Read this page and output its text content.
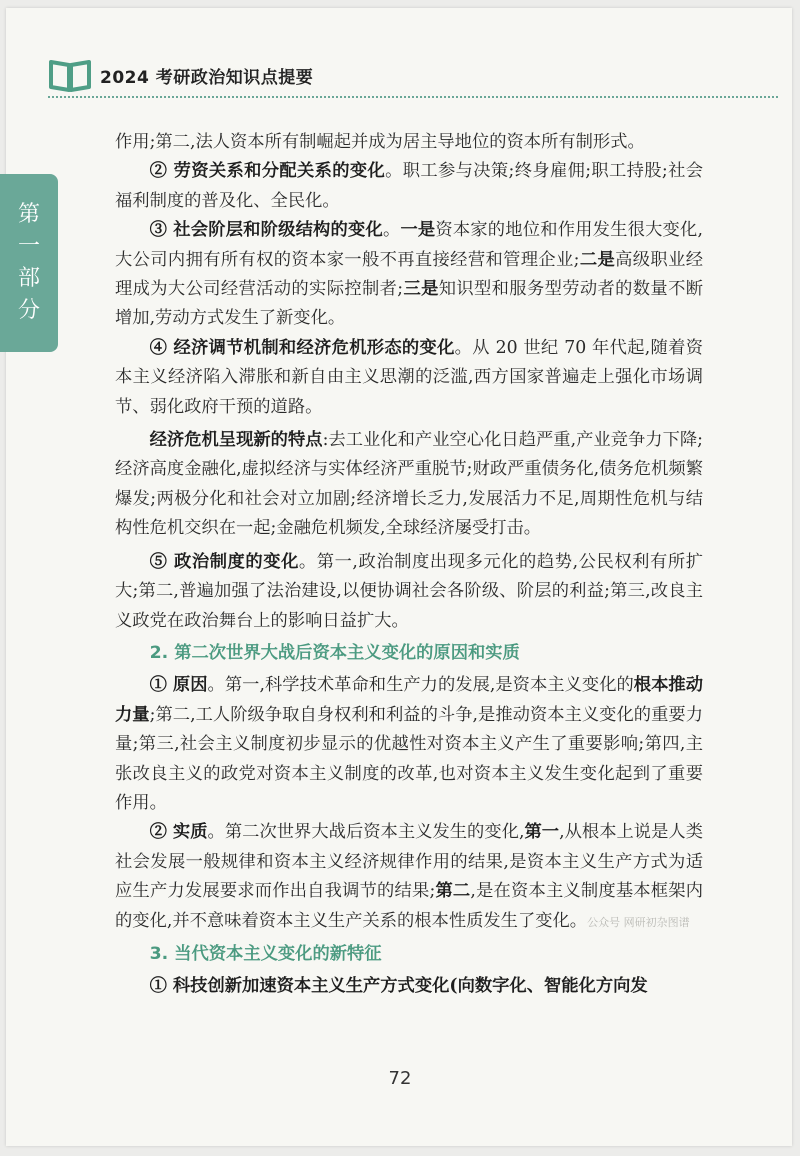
2024 考研政治知识点提要
第
一
部
分

作用;第二,法人资本所有制崛起并成为居主导地位的资本所有制形式。

② 劳资关系和分配关系的变化。职工参与决策;终身雇佣;职工持股;社会福利制度的普及化、全民化。

③ 社会阶层和阶级结构的变化。一是资本家的地位和作用发生很大变化,大公司内拥有所有权的资本家一般不再直接经营和管理企业;二是高级职业经理成为大公司经营活动的实际控制者;三是知识型和服务型劳动者的数量不断增加,劳动方式发生了新变化。

④ 经济调节机制和经济危机形态的变化。从 20 世纪 70 年代起,随着资本主义经济陷入滞胀和新自由主义思潮的泛滥,西方国家普遍走上强化市场调节、弱化政府干预的道路。

经济危机呈现新的特点:去工业化和产业空心化日趋严重,产业竞争力下降;经济高度金融化,虚拟经济与实体经济严重脱节;财政严重债务化,债务危机频繁爆发;两极分化和社会对立加剧;经济增长乏力,发展活力不足,周期性危机与结构性危机交织在一起;金融危机频发,全球经济屡受打击。

⑤ 政治制度的变化。第一,政治制度出现多元化的趋势,公民权利有所扩大;第二,普遍加强了法治建设,以便协调社会各阶级、阶层的利益;第三,改良主义政党在政治舞台上的影响日益扩大。

2. 第二次世界大战后资本主义变化的原因和实质

① 原因。第一,科学技术革命和生产力的发展,是资本主义变化的根本推动力量;第二,工人阶级争取自身权利和利益的斗争,是推动资本主义变化的重要力量;第三,社会主义制度初步显示的优越性对资本主义产生了重要影响;第四,主张改良主义的政党对资本主义制度的改革,也对资本主义发生变化起到了重要作用。

② 实质。第二次世界大战后资本主义发生的变化,第一,从根本上说是人类社会发展一般规律和资本主义经济规律作用的结果,是资本主义生产方式为适应生产力发展要求而作出自我调节的结果;第二,是在资本主义制度基本框架内的变化,并不意味着资本主义生产关系的根本性质发生了变化。公众号 网研初杂图谱

3. 当代资本主义变化的新特征

① 科技创新加速资本主义生产方式变化(向数字化、智能化方向发

72
